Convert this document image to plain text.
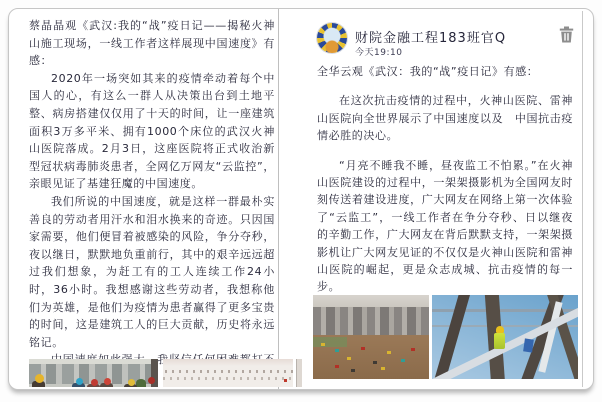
蔡晶晶观《武汉:我的“战”疫日记——揭秘火神山施工现场，一线工作者这样展现中国速度》有感：

2020年一场突如其来的疫情牵动着每个中国人的心，有这么一群人从决策出台到土地平整、病房搭建仅仅用了十天的时间，让一座建筑面积3万多平米、拥有1000个床位的武汉火神山医院落成。2月3日，这座医院将正式收治新型冠状病毒肺炎患者，全网亿万网友“云监控”，亲眼见证了基建狂魔的中国速度。

我们所说的中国速度，就是这样一群最朴实善良的劳动者用汗水和泪水换来的奇迹。只因国家需要，他们便冒着被感染的风险，争分夺秒，夜以继日，默默地负重前行，其中的艰辛远远超过我们想象，为赶工有的工人连续工作24小时，36小时。我想感谢这些劳动者，我想称他们为英雄，是他们为疫情为患者赢得了更多宝贵的时间，这是建筑工人的巨大贡献，历史将永远铭记。

财院金融工程183班官Q
今天19:10

全华云观《武汉：我的“战”疫日记》有感：

在这次抗击疫情的过程中，火神山医院、雷神山医院向全世界展示了中国速度以及　中国抗击疫情必胜的决心。

“月亮不睡我不睡，昼夜监工不怕累。”在火神山医院建设的过程中，一架架摄影机为全国网友时刻传送着建设进度，广大网友在网络上第一次体验了“云监工”，一线工作者在争分夺秒、日以继夜的辛勤工作，广大网友在背后默默支持，一架架摄影机让广大网友见证的不仅仅是火神山医院和雷神山医院的崛起，更是众志成城、抗击疫情的每一步。
